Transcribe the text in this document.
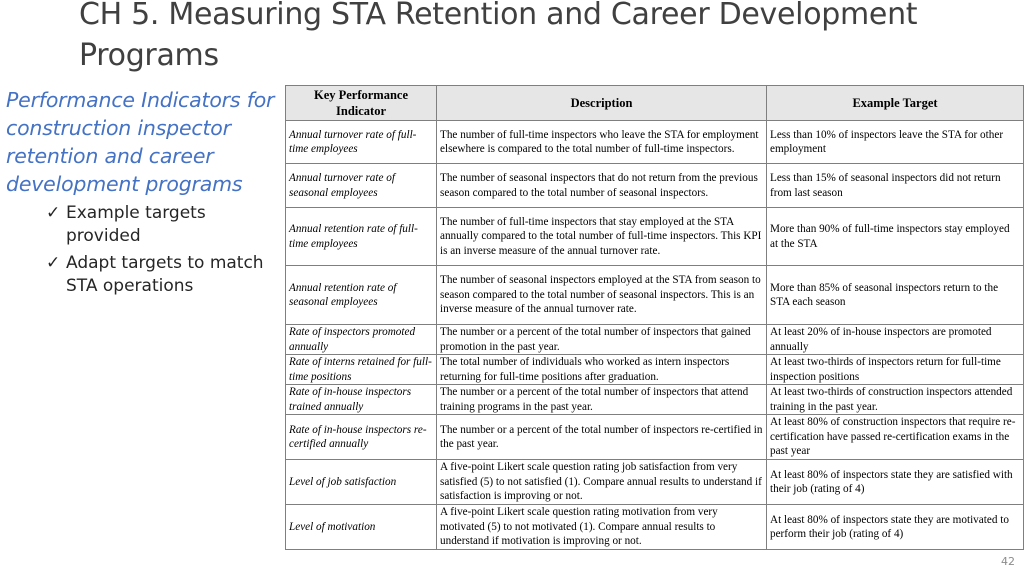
CH 5. Measuring STA Retention and Career Development Programs
Performance Indicators for construction inspector retention and career development programs
✓ Example targets provided
✓ Adapt targets to match STA operations
Key Performance Indicator	Description	Example Target
Annual turnover rate of full-time employees	The number of full-time inspectors who leave the STA for employment elsewhere is compared to the total number of full-time inspectors.	Less than 10% of inspectors leave the STA for other employment
Annual turnover rate of seasonal employees	The number of seasonal inspectors that do not return from the previous season compared to the total number of seasonal inspectors.	Less than 15% of seasonal inspectors did not return from last season
Annual retention rate of full-time employees	The number of full-time inspectors that stay employed at the STA annually compared to the total number of full-time inspectors. This KPI is an inverse measure of the annual turnover rate.	More than 90% of full-time inspectors stay employed at the STA
Annual retention rate of seasonal employees	The number of seasonal inspectors employed at the STA from season to season compared to the total number of seasonal inspectors. This is an inverse measure of the annual turnover rate.	More than 85% of seasonal inspectors return to the STA each season
Rate of inspectors promoted annually	The number or a percent of the total number of inspectors that gained promotion in the past year.	At least 20% of in-house inspectors are promoted annually
Rate of interns retained for full-time positions	The total number of individuals who worked as intern inspectors returning for full-time positions after graduation.	At least two-thirds of inspectors return for full-time inspection positions
Rate of in-house inspectors trained annually	The number or a percent of the total number of inspectors that attend training programs in the past year.	At least two-thirds of construction inspectors attended training in the past year.
Rate of in-house inspectors re-certified annually	The number or a percent of the total number of inspectors re-certified in the past year.	At least 80% of construction inspectors that require re-certification have passed re-certification exams in the past year
Level of job satisfaction	A five-point Likert scale question rating job satisfaction from very satisfied (5) to not satisfied (1). Compare annual results to understand if satisfaction is improving or not.	At least 80% of inspectors state they are satisfied with their job (rating of 4)
Level of motivation	A five-point Likert scale question rating motivation from very motivated (5) to not motivated (1). Compare annual results to understand if motivation is improving or not.	At least 80% of inspectors state they are motivated to perform their job (rating of 4)
42
